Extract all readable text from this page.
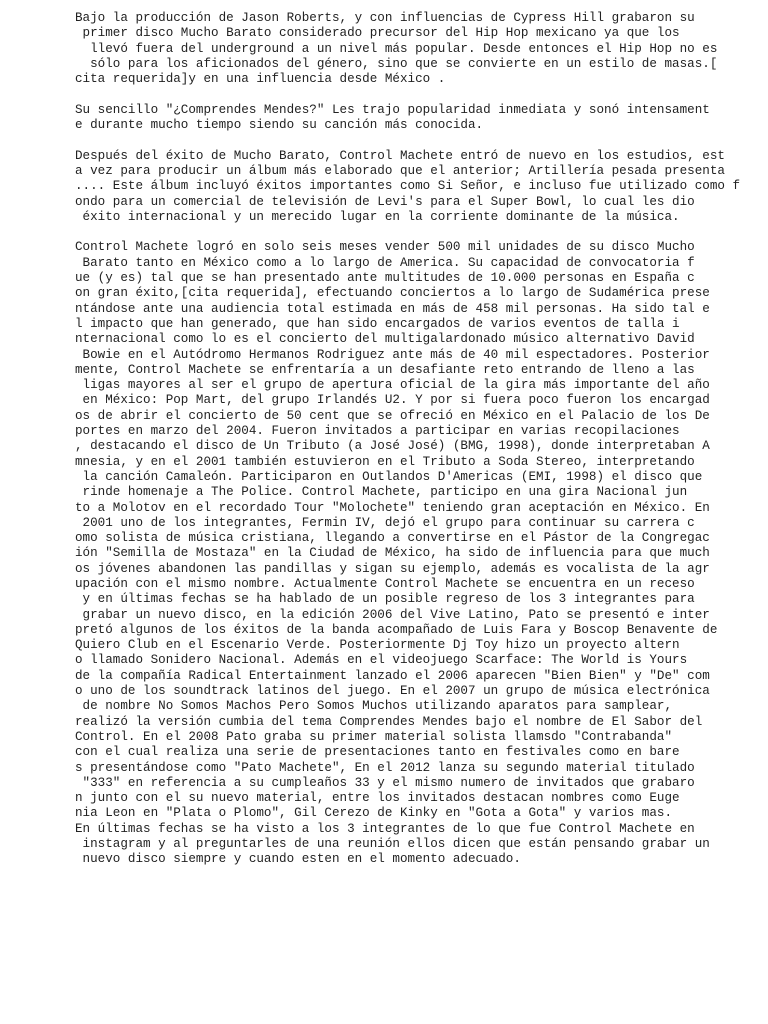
Bajo la producción de Jason Roberts, y con influencias de Cypress Hill grabaron su
primer disco Mucho Barato considerado precursor del Hip Hop mexicano ya que los
llevó fuera del underground a un nivel más popular. Desde entonces el Hip Hop no es
sólo para los aficionados del género, sino que se convierte en un estilo de masas.[
cita requerida]y en una influencia desde México .
Su sencillo "¿Comprendes Mendes?" Les trajo popularidad inmediata y sonó intensament
e durante mucho tiempo siendo su canción más conocida.
Después del éxito de Mucho Barato, Control Machete entró de nuevo en los estudios, est
a vez para producir un álbum más elaborado que el anterior; Artillería pesada presenta
.... Este álbum incluyó éxitos importantes como Si Señor, e incluso fue utilizado como f
ondo para un comercial de televisión de Levi's para el Super Bowl, lo cual les dio
éxito internacional y un merecido lugar en la corriente dominante de la música.
Control Machete logró en solo seis meses vender 500 mil unidades de su disco Mucho
Barato tanto en México como a lo largo de America. Su capacidad de convocatoria f
ue (y es) tal que se han presentado ante multitudes de 10.000 personas en España c
on gran éxito,[cita requerida], efectuando conciertos a lo largo de Sudamérica prese
ntándose ante una audiencia total estimada en más de 458 mil personas. Ha sido tal e
l impacto que han generado, que han sido encargados de varios eventos de talla i
nternacional como lo es el concierto del multigalardonado músico alternativo David
Bowie en el Autódromo Hermanos Rodriguez ante más de 40 mil espectadores. Posterior
mente, Control Machete se enfrentaría a un desafiante reto entrando de lleno a las
ligas mayores al ser el grupo de apertura oficial de la gira más importante del año
en México: Pop Mart, del grupo Irlandés U2. Y por si fuera poco fueron los encargad
os de abrir el concierto de 50 cent que se ofreció en México en el Palacio de los De
portes en marzo del 2004. Fueron invitados a participar en varias recopilaciones
, destacando el disco de Un Tributo (a José José) (BMG, 1998), donde interpretaban A
mnesia, y en el 2001 también estuvieron en el Tributo a Soda Stereo, interpretando
la canción Camaleón. Participaron en Outlandos D'Americas (EMI, 1998) el disco que
rinde homenaje a The Police. Control Machete, participo en una gira Nacional jun
to a Molotov en el recordado Tour "Molochete" teniendo gran aceptación en México. En
2001 uno de los integrantes, Fermin IV, dejó el grupo para continuar su carrera c
omo solista de música cristiana, llegando a convertirse en el Pástor de la Congregac
ión "Semilla de Mostaza" en la Ciudad de México, ha sido de influencia para que much
os jóvenes abandonen las pandillas y sigan su ejemplo, además es vocalista de la agr
upación con el mismo nombre. Actualmente Control Machete se encuentra en un receso
y en últimas fechas se ha hablado de un posible regreso de los 3 integrantes para
grabar un nuevo disco, en la edición 2006 del Vive Latino, Pato se presentó e inter
pretó algunos de los éxitos de la banda acompañado de Luis Fara y Boscop Benavente de
Quiero Club en el Escenario Verde. Posteriormente Dj Toy hizo un proyecto altern
o llamado Sonidero Nacional. Además en el videojuego Scarface: The World is Yours
de la compañía Radical Entertainment lanzado el 2006 aparecen "Bien Bien" y "De" com
o uno de los soundtrack latinos del juego. En el 2007 un grupo de música electrónica
de nombre No Somos Machos Pero Somos Muchos utilizando aparatos para samplear,
realizó la versión cumbia del tema Comprendes Mendes bajo el nombre de El Sabor del
Control. En el 2008 Pato graba su primer material solista llamsdo "Contrabanda"
con el cual realiza una serie de presentaciones tanto en festivales como en bare
s presentándose como "Pato Machete", En el 2012 lanza su segundo material titulado
"333" en referencia a su cumpleaños 33 y el mismo numero de invitados que grabaro
n junto con el su nuevo material, entre los invitados destacan nombres como Euge
nia Leon en "Plata o Plomo", Gil Cerezo de Kinky en "Gota a Gota" y varios mas.
En últimas fechas se ha visto a los 3 integrantes de lo que fue Control Machete en
instagram y al preguntarles de una reunión ellos dicen que están pensando grabar un
nuevo disco siempre y cuando esten en el momento adecuado.
